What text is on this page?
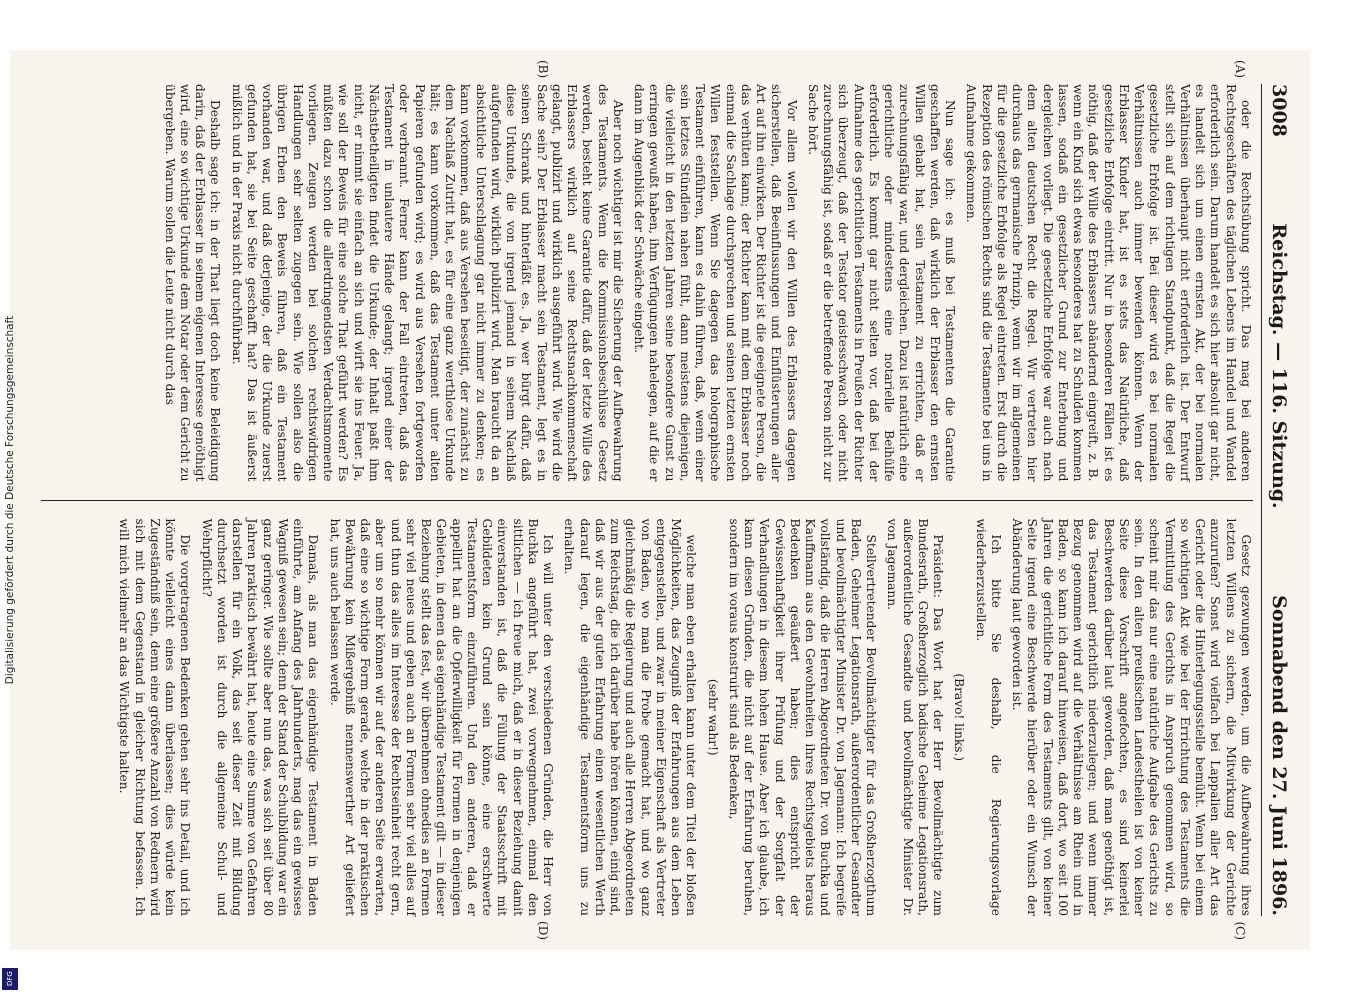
3008
Reichstag. — 116. Sitzung.
Sonnabend den 27. Juni 1896.
(A)
(B)

oder die Rechtsübung spricht. Das mag bei anderen Rechtsgeschäften des täglichen Lebens im Handel und Wandel erforderlich sein. Darum handelt es sich hier absolut gar nicht, es handelt sich um einen ernsten Akt, der bei normalen Verhältnissen überhaupt nicht erforderlich ist. Der Entwurf stellt sich auf dem richtigen Standpunkt, daß die Regel die gesetzliche Erbfolge ist. Bei dieser wird es bei normalen Verhältnissen auch immer bewenden können. Wenn der Erblasser Kinder hat, ist es stets das Natürliche, daß gesetzliche Erbfolge eintritt. Nur in besonderen Fällen ist es nöthig, daß der Wille des Erblassers abändernd eingreift, z. B. wenn ein Kind sich etwas besonderes hat zu Schulden kommen lassen, sodaß ein gesetzlicher Grund zur Enterbung und dergleichen vorliegt. Die gesetzliche Erbfolge war auch nach dem alten deutschen Recht die Regel. Wir vertreten hier durchaus das germanische Prinzip, wenn wir im allgemeinen für die gesetzliche Erbfolge als Regel eintreten. Erst durch die Rezeption des römischen Rechts sind die Testamente bei uns in Aufnahme gekommen.

Nun sage ich: es muß bei Testamenten die Garantie geschaffen werden, daß wirklich der Erblasser den ernsten Willen gehabt hat, sein Testament zu errichten, daß er zurechnungsfähig war, und dergleichen. Dazu ist natürlich eine gerichtliche oder mindestens eine notarielle Beihülfe erforderlich. Es kommt gar nicht selten vor, daß bei der Aufnahme des gerichtlichen Testaments in Preußen der Richter sich überzeugt, daß der Testator geistesschwach oder nicht zurechnungsfähig ist, sodaß er die betreffende Person nicht zur Sache hört.

Vor allem wollen wir den Willen des Erblassers dagegen sicherstellen, daß Beeinflussungen und Einflüsterungen aller Art auf ihn einwirken. Der Richter ist die geeignete Person, die das verhüten kann; der Richter kann mit dem Erblasser noch einmal die Sachlage durchsprechen und seinen letzten ernsten Willen feststellen. Wenn Sie dagegen das holographische Testament einführen, kann es dahin führen, daß, wenn einer sein letztes Stündlein nahen fühlt, dann meistens diejenigen, die vielleicht in den letzten Jahren seine besondere Gunst zu erringen gewußt haben, ihm Verfügungen nahelegen, auf die er dann im Augenblick der Schwäche eingeht.

Aber noch wichtiger ist mir die Sicherung der Aufbewahrung des Testaments. Wenn die Kommissionsbeschlüsse Gesetz werden, besteht keine Garantie dafür, daß der letzte Wille des Erblassers wirklich auf seine Rechtsnachkommenschaft gelangt, publizirt und wirklich ausgeführt wird. Wie wird die Sache sein? Der Erblasser macht sein Testament, legt es in seinen Schrank und hinterläßt es. Ja, wer bürgt dafür, daß diese Urkunde, die von irgend jemand in seinem Nachlaß aufgefunden wird, wirklich publizirt wird. Man braucht da an absichtliche Unterschlagung gar nicht immer zu denken; es kann vorkommen, daß aus Versehen beseitigt, der zunächst zu dem Nachlaß Zutritt hat, es für eine ganz werthlose Urkunde hält; es kann vorkommen, daß das Testament unter alten Papieren gefunden wird; es wird aus Versehen fortgeworfen oder verbrannt. Ferner kann der Fall eintreten, daß das Testament in unlautere Hände gelangt; irgend einer der Nächstbetheiligten findet die Urkunde; der Inhalt paßt ihm nicht, er nimmt sie einfach an sich und wirft sie ins Feuer. Ja, wie soll der Beweis für eine solche That geführt werden? Es müßten dazu schon die allerdringendsten Verdachtsmomente vorliegen. Zeugen werden bei solchen rechtswidrigen Handlungen sehr selten zugegen sein. Wie sollen also die übrigen Erben den Beweis führen, daß ein Testament vorhanden war, und daß derjenige, der die Urkunde zuerst gefunden hat, sie bei Seite geschafft hat? Das ist äußerst mißlich und in der Praxis nicht durchführbar.

Deshalb sage ich: in der That liegt doch keine Beleidigung darin, daß der Erblasser in seinem eigenen Interesse genöthigt wird, eine so wichtige Urkunde dem Notar oder dem Gericht zu übergeben. Warum sollen die Leute nicht durch das

(C)
(D)

Gesetz gezwungen werden, um die Aufbewahrung ihres letzten Willens zu sichern, die Mitwirkung der Gerichte anzurufen? Sonst wird vielfach bei Lappalien aller Art das Gericht oder die Hinterlegungsstelle bemüht. Wenn bei einem so wichtigen Akt wie bei der Errichtung des Testaments die Vermittlung des Gerichts in Anspruch genommen wird, so scheint mir das nur eine natürliche Aufgabe des Gerichts zu sein. In den alten preußischen Landestheilen ist von keiner Seite diese Vorschrift angefochten, es sind keinerlei Beschwerden darüber laut geworden, daß man genöthigt ist, das Testament gerichtlich niederzulegen; und wenn immer Bezug genommen wird auf die Verhältnisse am Rhein und in Baden, so kann ich darauf hinweisen, daß dort, wo seit 100 Jahren die gerichtliche Form des Testaments gilt, von keiner Seite irgend eine Beschwerde hierüber oder ein Wunsch der Abänderung laut geworden ist.

Ich bitte Sie deshalb, die Regierungsvorlage wiederherzustellen.

(Bravo! links.)

Präsident: Das Wort hat der Herr Bevollmächtigte zum Bundesrath, Großherzoglich badische Geheime Legationsrath, außerordentliche Gesandte und bevollmächtigte Minister Dr. von Jagemann.

Stellvertretender Bevollmächtigter für das Großherzogthum Baden, Geheimer Legationsrath, außerordentlicher Gesandter und bevollmächtigter Minister Dr. von Jagemann: Ich begreife vollständig, daß die Herren Abgeordneten Dr. von Buchka und Kauffmann aus den Gewohnheiten ihres Rechtsgebiets heraus Bedenken geäußert haben; dies entspricht der Gewissenhaftigkeit ihrer Prüfung und der Sorgfalt der Verhandlungen in diesem hohen Hause. Aber ich glaube, ich kann diesen Gründen, die nicht auf der Erfahrung beruhen, sondern im voraus konstruirt sind als Bedenken,

(sehr wahr!)

welche man eben erhalten kann unter dem Titel der bloßen Möglichkeiten, das Zeugniß der Erfahrungen aus dem Leben entgegenstellen, und zwar in meiner Eigenschaft als Vertreter von Baden, wo man die Probe gemacht hat, und wo ganz gleichmäßig die Regierung und auch alle Herren Abgeordneten zum Reichstag, die ich darüber habe hören können, einig sind, daß wir aus der guten Erfahrung einen wesentlichen Werth darauf legen, die eigenhändige Testamentsform uns zu erhalten.

Ich will unter den verschiedenen Gründen, die Herr von Buchka angeführt hat, zwei vorwegnehmen, einmal den sittlichen — ich freue mich, daß er in dieser Beziehung damit einverstanden ist, daß die Füllung der Staatsschrift mit Gebildeten kein Grund sein könne, eine erschwerte Testamentsform einzuführen. Und den anderen, daß er appellirt hat an die Opferwilligkeit für Formen in denjenigen Gebieten, in denen das eigenhändige Testament gilt — in dieser Beziehung stellt das fest, wir übernehmen ohnedies an Formen sehr viel neues und geben auch an Formen sehr viel alles auf und thun das alles im Interesse der Rechtseinheit recht gern, aber um so mehr können wir auf der anderen Seite erwarten, daß eine so wichtige Form gerade, welche in der praktischen Bewährung kein Mißergebniß nennenswerther Art geliefert hat, uns auch belassen werde.

Damals, als man das eigenhändige Testament in Baden einführte, am Anfang des Jahrhunderts, mag das ein gewisses Wagniß gewesen sein; denn der Stand der Schulbildung war ein ganz geringer. Wie sollte aber nun das, was sich seit über 80 Jahren praktisch bewährt hat, heute eine Summe von Gefahren darstellen für ein Volk, das seit dieser Zeit mit Bildung durchsetzt worden ist durch die allgemeine Schul- und Wehrpflicht?

Die vorgetragenen Bedenken gehen sehr ins Detail, und ich könnte vielleicht eines dann überlassen; dies würde kein Zugeständniß sein, denn eine größere Anzahl von Rednern wird sich mit dem Gegenstand in gleicher Richtung befassen. Ich will mich vielmehr an das Wichtigste halten.

Digitalisierung gefördert durch die Deutsche Forschungsgemeinschaft
DFG
